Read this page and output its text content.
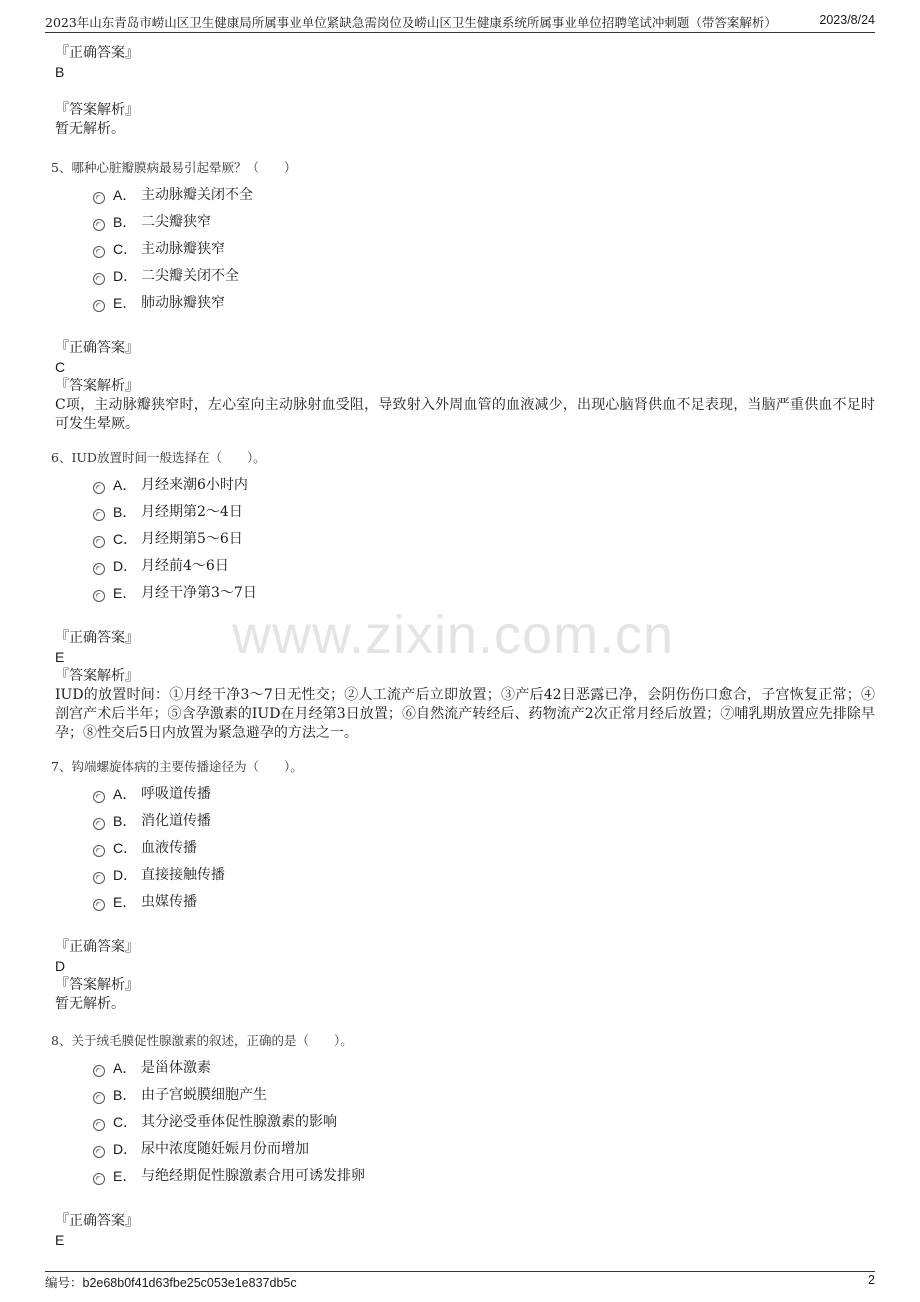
2023年山东青岛市崂山区卫生健康局所属事业单位紧缺急需岗位及崂山区卫生健康系统所属事业单位招聘笔试冲刺题（带答案解析）	2023/8/24
www.zixin.com.cn
『正确答案』
B
『答案解析』
暂无解析。
5、哪种心脏瓣膜病最易引起晕厥？（　　）
A． 主动脉瓣关闭不全
B． 二尖瓣狭窄
C． 主动脉瓣狭窄
D． 二尖瓣关闭不全
E． 肺动脉瓣狭窄
『正确答案』
C
『答案解析』
C项，主动脉瓣狭窄时，左心室向主动脉射血受阻，导致射入外周血管的血液减少，出现心脑肾供血不足表现，当脑严重供血不足时可发生晕厥。
6、IUD放置时间一般选择在（　　）。
A． 月经来潮6小时内
B． 月经期第2～4日
C． 月经期第5～6日
D． 月经前4～6日
E． 月经干净第3～7日
『正确答案』
E
『答案解析』
IUD的放置时间：①月经干净3～7日无性交；②人工流产后立即放置；③产后42日恶露已净，会阴伤伤口愈合，子宫恢复正常；④剖宫产术后半年；⑤含孕激素的IUD在月经第3日放置；⑥自然流产转经后、药物流产2次正常月经后放置；⑦哺乳期放置应先排除早孕；⑧性交后5日内放置为紧急避孕的方法之一。
7、钩端螺旋体病的主要传播途径为（　　）。
A． 呼吸道传播
B． 消化道传播
C． 血液传播
D． 直接接触传播
E． 虫媒传播
『正确答案』
D
『答案解析』
暂无解析。
8、关于绒毛膜促性腺激素的叙述，正确的是（　　）。
A． 是甾体激素
B． 由子宫蜕膜细胞产生
C． 其分泌受垂体促性腺激素的影响
D． 尿中浓度随妊娠月份而增加
E． 与绝经期促性腺激素合用可诱发排卵
『正确答案』
E
编号：b2e68b0f41d63fbe25c053e1e837db5c	2
